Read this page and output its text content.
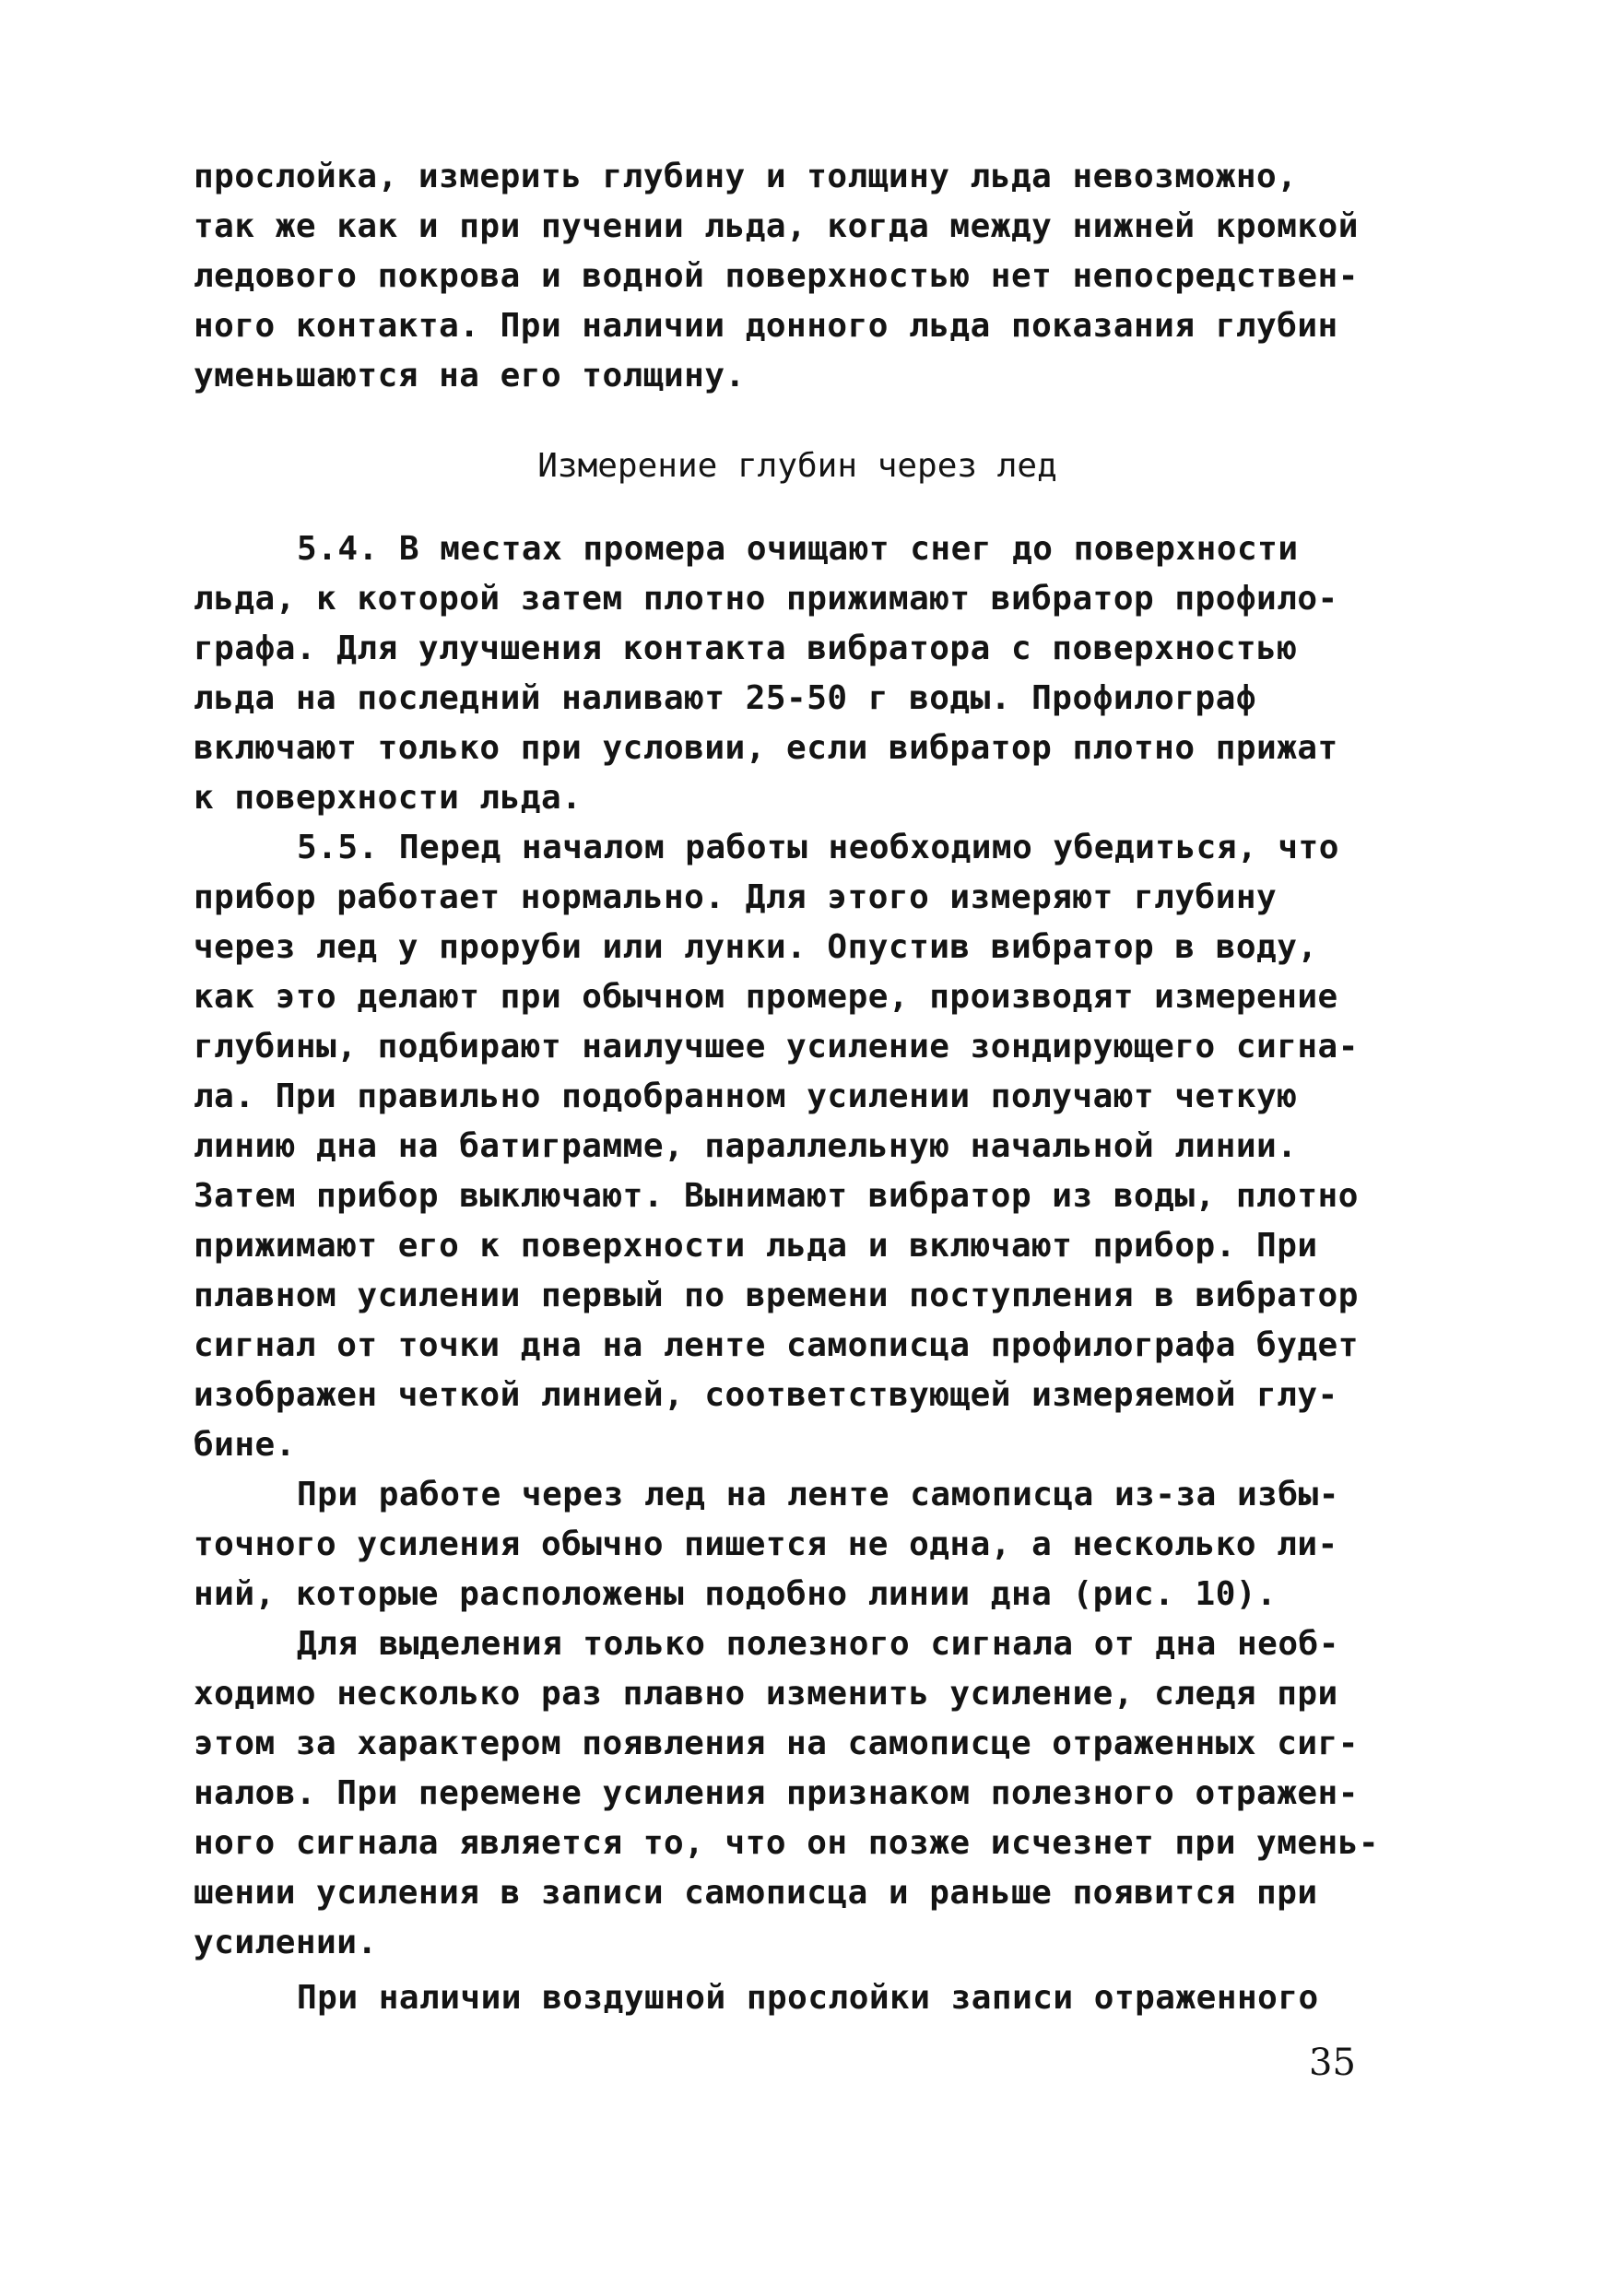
прослойка, измерить глубину и толщину льда невозможно,
так же как и при пучении льда, когда между нижней кромкой
ледового покрова и водной поверхностью нет непосредствен-
ного контакта. При наличии донного льда показания глубин
уменьшаются на его толщину.
Измерение глубин через лед
5.4. В местах промера очищают снег до поверхности
льда, к которой затем плотно прижимают вибратор профило-
графа. Для улучшения контакта вибратора с поверхностью
льда на последний наливают 25-50 г воды. Профилограф
включают только при условии, если вибратор плотно прижат
к поверхности льда.
5.5. Перед началом работы необходимо убедиться, что
прибор работает нормально. Для этого измеряют глубину
через лед у проруби или лунки. Опустив вибратор в воду,
как это делают при обычном промере, производят измерение
глубины, подбирают наилучшее усиление зондирующего сигна-
ла. При правильно подобранном усилении получают четкую
линию дна на батиграмме, параллельную начальной линии.
Затем прибор выключают. Вынимают вибратор из воды, плотно
прижимают его к поверхности льда и включают прибор. При
плавном усилении первый по времени поступления в вибратор
сигнал от точки дна на ленте самописца профилографа будет
изображен четкой линией, соответствующей измеряемой глу-
бине.
При работе через лед на ленте самописца из-за избы-
точного усиления обычно пишется не одна, а несколько ли-
ний, которые расположены подобно линии дна (рис. 10).
Для выделения только полезного сигнала от дна необ-
ходимо несколько раз плавно изменить усиление, следя при
этом за характером появления на самописце отраженных сиг-
налов. При перемене усиления признаком полезного отражен-
ного сигнала является то, что он позже исчезнет при умень-
шении усиления в записи самописца и раньше появится при
усилении.
При наличии воздушной прослойки записи отраженного
35
